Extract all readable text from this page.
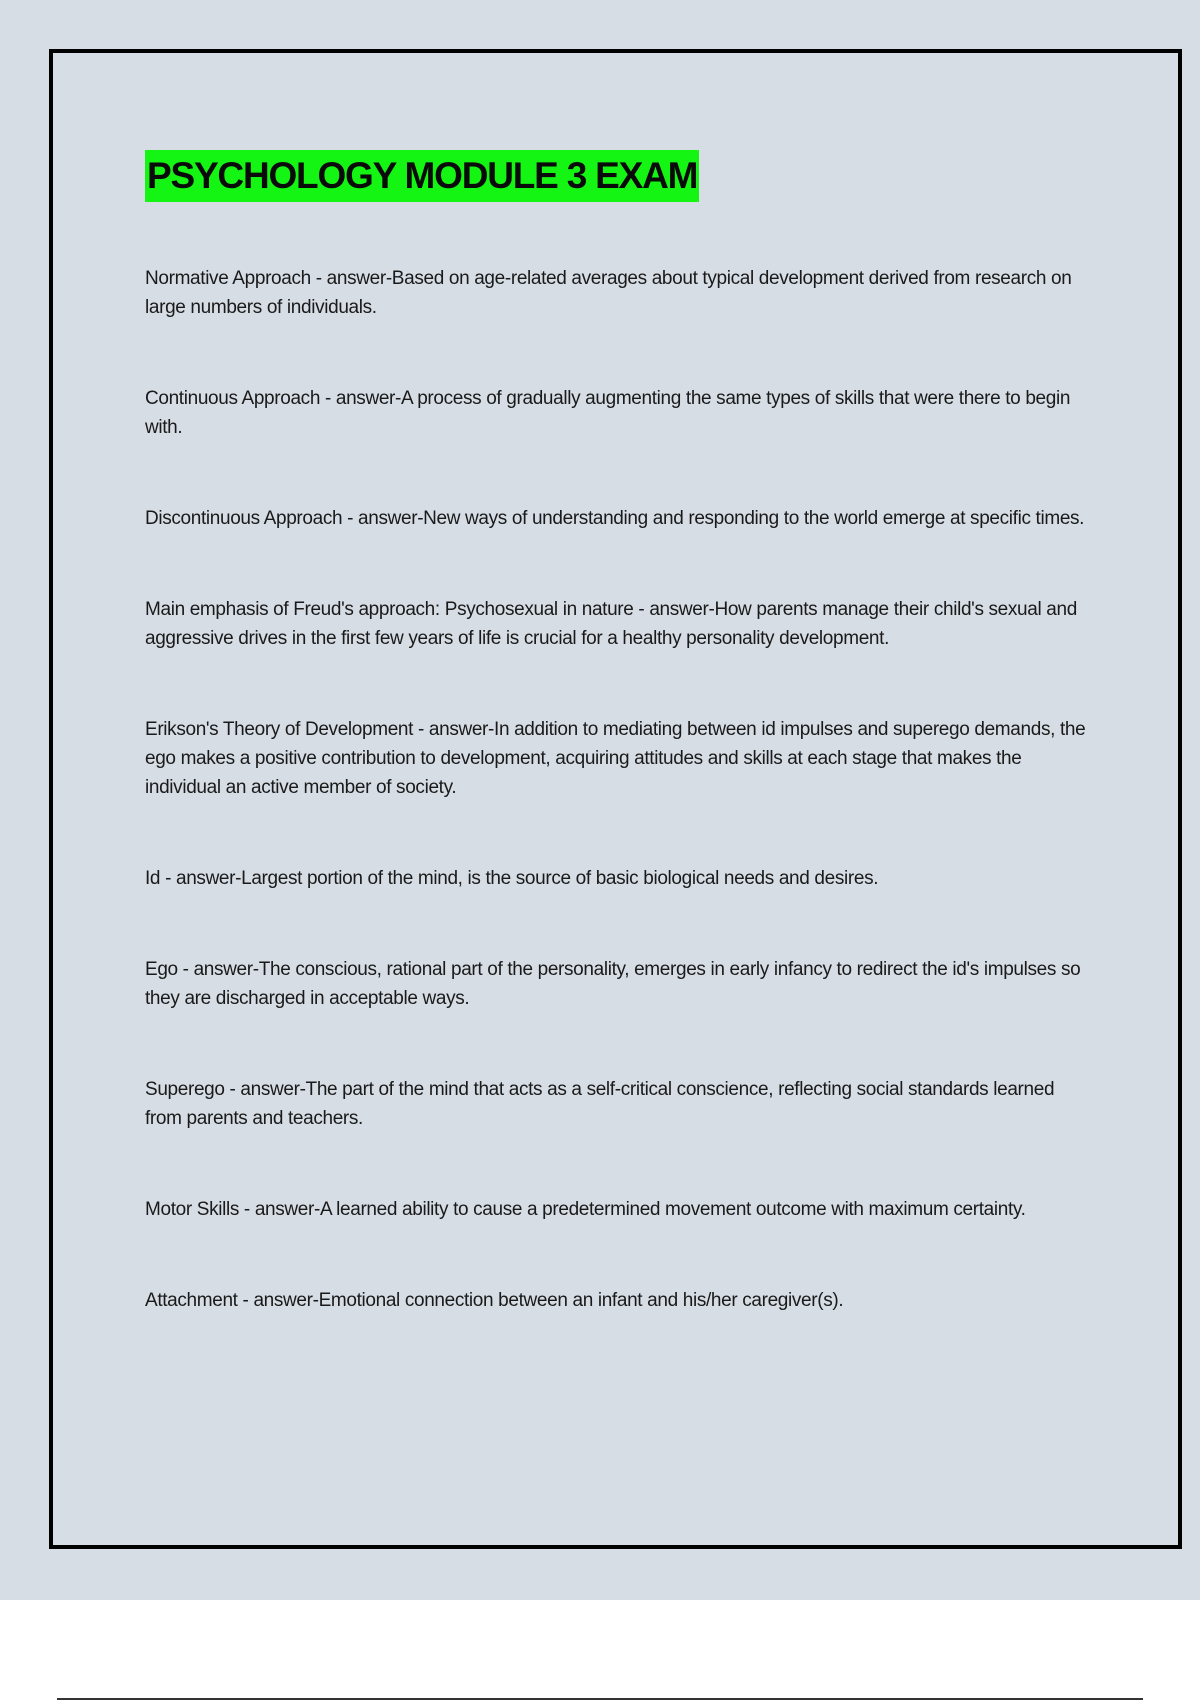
PSYCHOLOGY MODULE 3 EXAM

Normative Approach - answer-Based on age-related averages about typical development derived from research on large numbers of individuals.

Continuous Approach - answer-A process of gradually augmenting the same types of skills that were there to begin with.

Discontinuous Approach - answer-New ways of understanding and responding to the world emerge at specific times.

Main emphasis of Freud's approach: Psychosexual in nature - answer-How parents manage their child's sexual and aggressive drives in the first few years of life is crucial for a healthy personality development.

Erikson's Theory of Development - answer-In addition to mediating between id impulses and superego demands, the ego makes a positive contribution to development, acquiring attitudes and skills at each stage that makes the individual an active member of society.

Id - answer-Largest portion of the mind, is the source of basic biological needs and desires.

Ego - answer-The conscious, rational part of the personality, emerges in early infancy to redirect the id's impulses so they are discharged in acceptable ways.

Superego - answer-The part of the mind that acts as a self-critical conscience, reflecting social standards learned from parents and teachers.

Motor Skills - answer-A learned ability to cause a predetermined movement outcome with maximum certainty.

Attachment - answer-Emotional connection between an infant and his/her caregiver(s).
